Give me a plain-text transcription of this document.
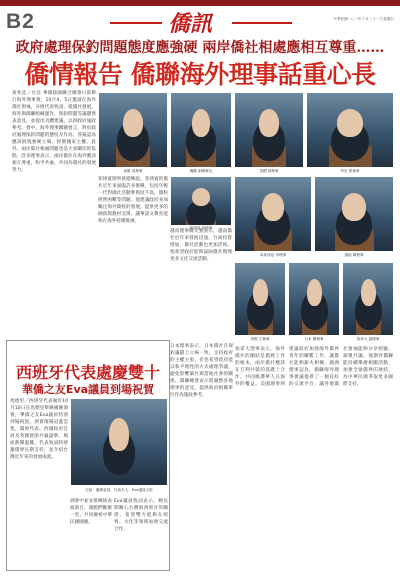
B2	僑訊	中華民國一○一年十月二十一日星期日
政府處理保釣問題態度應強硬 兩岸僑社相處應相互尊重……
僑情報告 僑聯海外理事話重心長
黃兆廷／台北 華僑救國聯合總會日前舉行海外理事會，10月4、5日邀請在海外僑社領袖，分組代表致詞，就僑社發展、海外與僑聯組織運作、保釣問題等議題發表意見，並提出具體建議，以供政府施政參考。會中，海外理事踴躍發言，對於政府處理保釣問題的態度及作為，普遍認為應該展現強硬立場，捍衛國家主權。此外，兩岸僑社相處問題也是大家關切的焦點，許多理事表示，兩岸僑社在海外應該相互尊重、和平共處，共同為僑社的發展努力。
菲律賓理事黃德輝說，菲律賓的僑社近年來面臨許多挑戰，包括年輕一代對僑社活動參與度不高，僑校經營困難等問題。他建議政府多加關注海外僑校的發展，提供更多的師資與教材支援，讓華語文教育能夠在海外持續推廣。
越南理事陳文強表示，越南僑社近年來發展迅速，台商投資增加，僑社活動也更加活絡。他希望政府能夠協助僑社辦理更多文化交流活動。
高雄 周理事	僑聯 副理事長	泰國 林理事	印尼 張理事
馬來西亞 李理事	越南 陳理事
菲律賓 黃理事
美國 王理事	日本 劉理事	加拿大 趙理事
日本理事表示，日本僑社在保釣議題上立場一致，支持政府的主權主張，但也希望政府能以和平理性的方式處理爭議，避免影響僑社與當地社會的關係。僑聯總會表示將彙整各地理事的意見，提供政府相關單位作為施政參考。
加拿大理事表示，海外僑社的團結是僑務工作的根本，兩岸僑社應該在互利共榮的基礎上合作，共同維護華人在海外的權益。美國理事則建議政府加強海外僑界青年的聯繫工作，讓僑社能夠薪火相傳。澳洲理事認為，僑聯海外理事會議提供了一個良好的交流平台，讓各地僑社領袖能夠分享經驗、凝聚共識。他期待僑聯能持續舉辦相關活動，加強全球僑界的連結，為中華民國爭取更多國際支持。
西班牙代表處慶雙十
華僑之友Eva議員到場祝賀
馬德里／西班牙代表處於10月10日在馬德里舉辦國慶酒會，華僑之友Eva議員特別到場祝賀。酒會現場冠蓋雲集，僑界代表、西國政府官員及各國使節共襄盛舉，場面熱鬧溫馨。代表致詞時感謝僑界長期支持，並介紹台灣近年來的發展成就。
左起：僑務委員、代表夫人、Eva議員合影
酒會中並安排傳統表演節目，僑胞們歡聚一堂，共同慶祝中華民國國慶。
Eva議員致詞表示，她長期關心台灣與西班牙的關係，希望雙方能夠在經貿、文化等領域加強交流合作。
